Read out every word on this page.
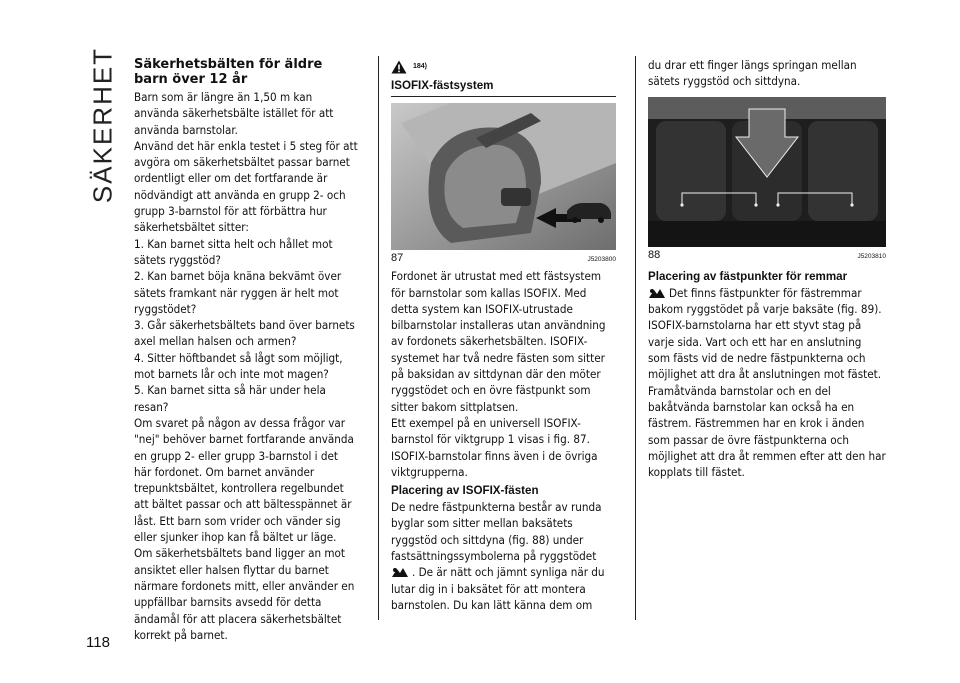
SÄKERHET
118
Säkerhetsbälten för äldre barn över 12 år

Barn som är längre än 1,50 m kan använda säkerhetsbälte istället för att använda barnstolar.

Använd det här enkla testet i 5 steg för att avgöra om säkerhetsbältet passar barnet ordentligt eller om det fortfarande är nödvändigt att använda en grupp 2- och grupp 3-barnstol för att förbättra hur säkerhetsbältet sitter:

1. Kan barnet sitta helt och hållet mot sätets ryggstöd?

2. Kan barnet böja knäna bekvämt över sätets framkant när ryggen är helt mot ryggstödet?

3. Går säkerhetsbältets band över barnets axel mellan halsen och armen?

4. Sitter höftbandet så lågt som möjligt, mot barnets lår och inte mot magen?

5. Kan barnet sitta så här under hela resan?

Om svaret på någon av dessa frågor var "nej" behöver barnet fortfarande använda en grupp 2- eller grupp 3-barnstol i det här fordonet. Om barnet använder trepunktsbältet, kontrollera regelbundet att bältet passar och att bältesspännet är låst. Ett barn som vrider och vänder sig eller sjunker ihop kan få bältet ur läge. Om säkerhetsbältets band ligger an mot ansiktet eller halsen flyttar du barnet närmare fordonets mitt, eller använder en uppfällbar barnsits avsedd för detta ändamål för att placera säkerhetsbältet korrekt på barnet.

184)
ISOFIX-fästsystem
87	J5203800

Fordonet är utrustat med ett fästsystem för barnstolar som kallas ISOFIX. Med detta system kan ISOFIX-utrustade bilbarnstolar installeras utan användning av fordonets säkerhetsbälten. ISOFIX-systemet har två nedre fästen som sitter på baksidan av sittdynan där den möter ryggstödet och en övre fästpunkt som sitter bakom sittplatsen.

Ett exempel på en universell ISOFIX-barnstol för viktgrupp 1 visas i fig. 87. ISOFIX-barnstolar finns även i de övriga viktgrupperna.

Placering av ISOFIX-fästen

De nedre fästpunkterna består av runda byglar som sitter mellan baksätets ryggstöd och sittdyna (fig. 88) under fastsättningssymbolerna på ryggstödet . De är nätt och jämnt synliga när du lutar dig in i baksätet för att montera barnstolen. Du kan lätt känna dem om

du drar ett finger längs springan mellan sätets ryggstöd och sittdyna.

88	J5203810
Placering av fästpunkter för remmar

Det finns fästpunkter för fästremmar bakom ryggstödet på varje baksäte (fig. 89).

ISOFIX-barnstolarna har ett styvt stag på varje sida. Vart och ett har en anslutning som fästs vid de nedre fästpunkterna och möjlighet att dra åt anslutningen mot fästet. Framåtvända barnstolar och en del bakåtvända barnstolar kan också ha en fästrem. Fästremmen har en krok i änden som passar de övre fästpunkterna och möjlighet att dra åt remmen efter att den har kopplats till fästet.
